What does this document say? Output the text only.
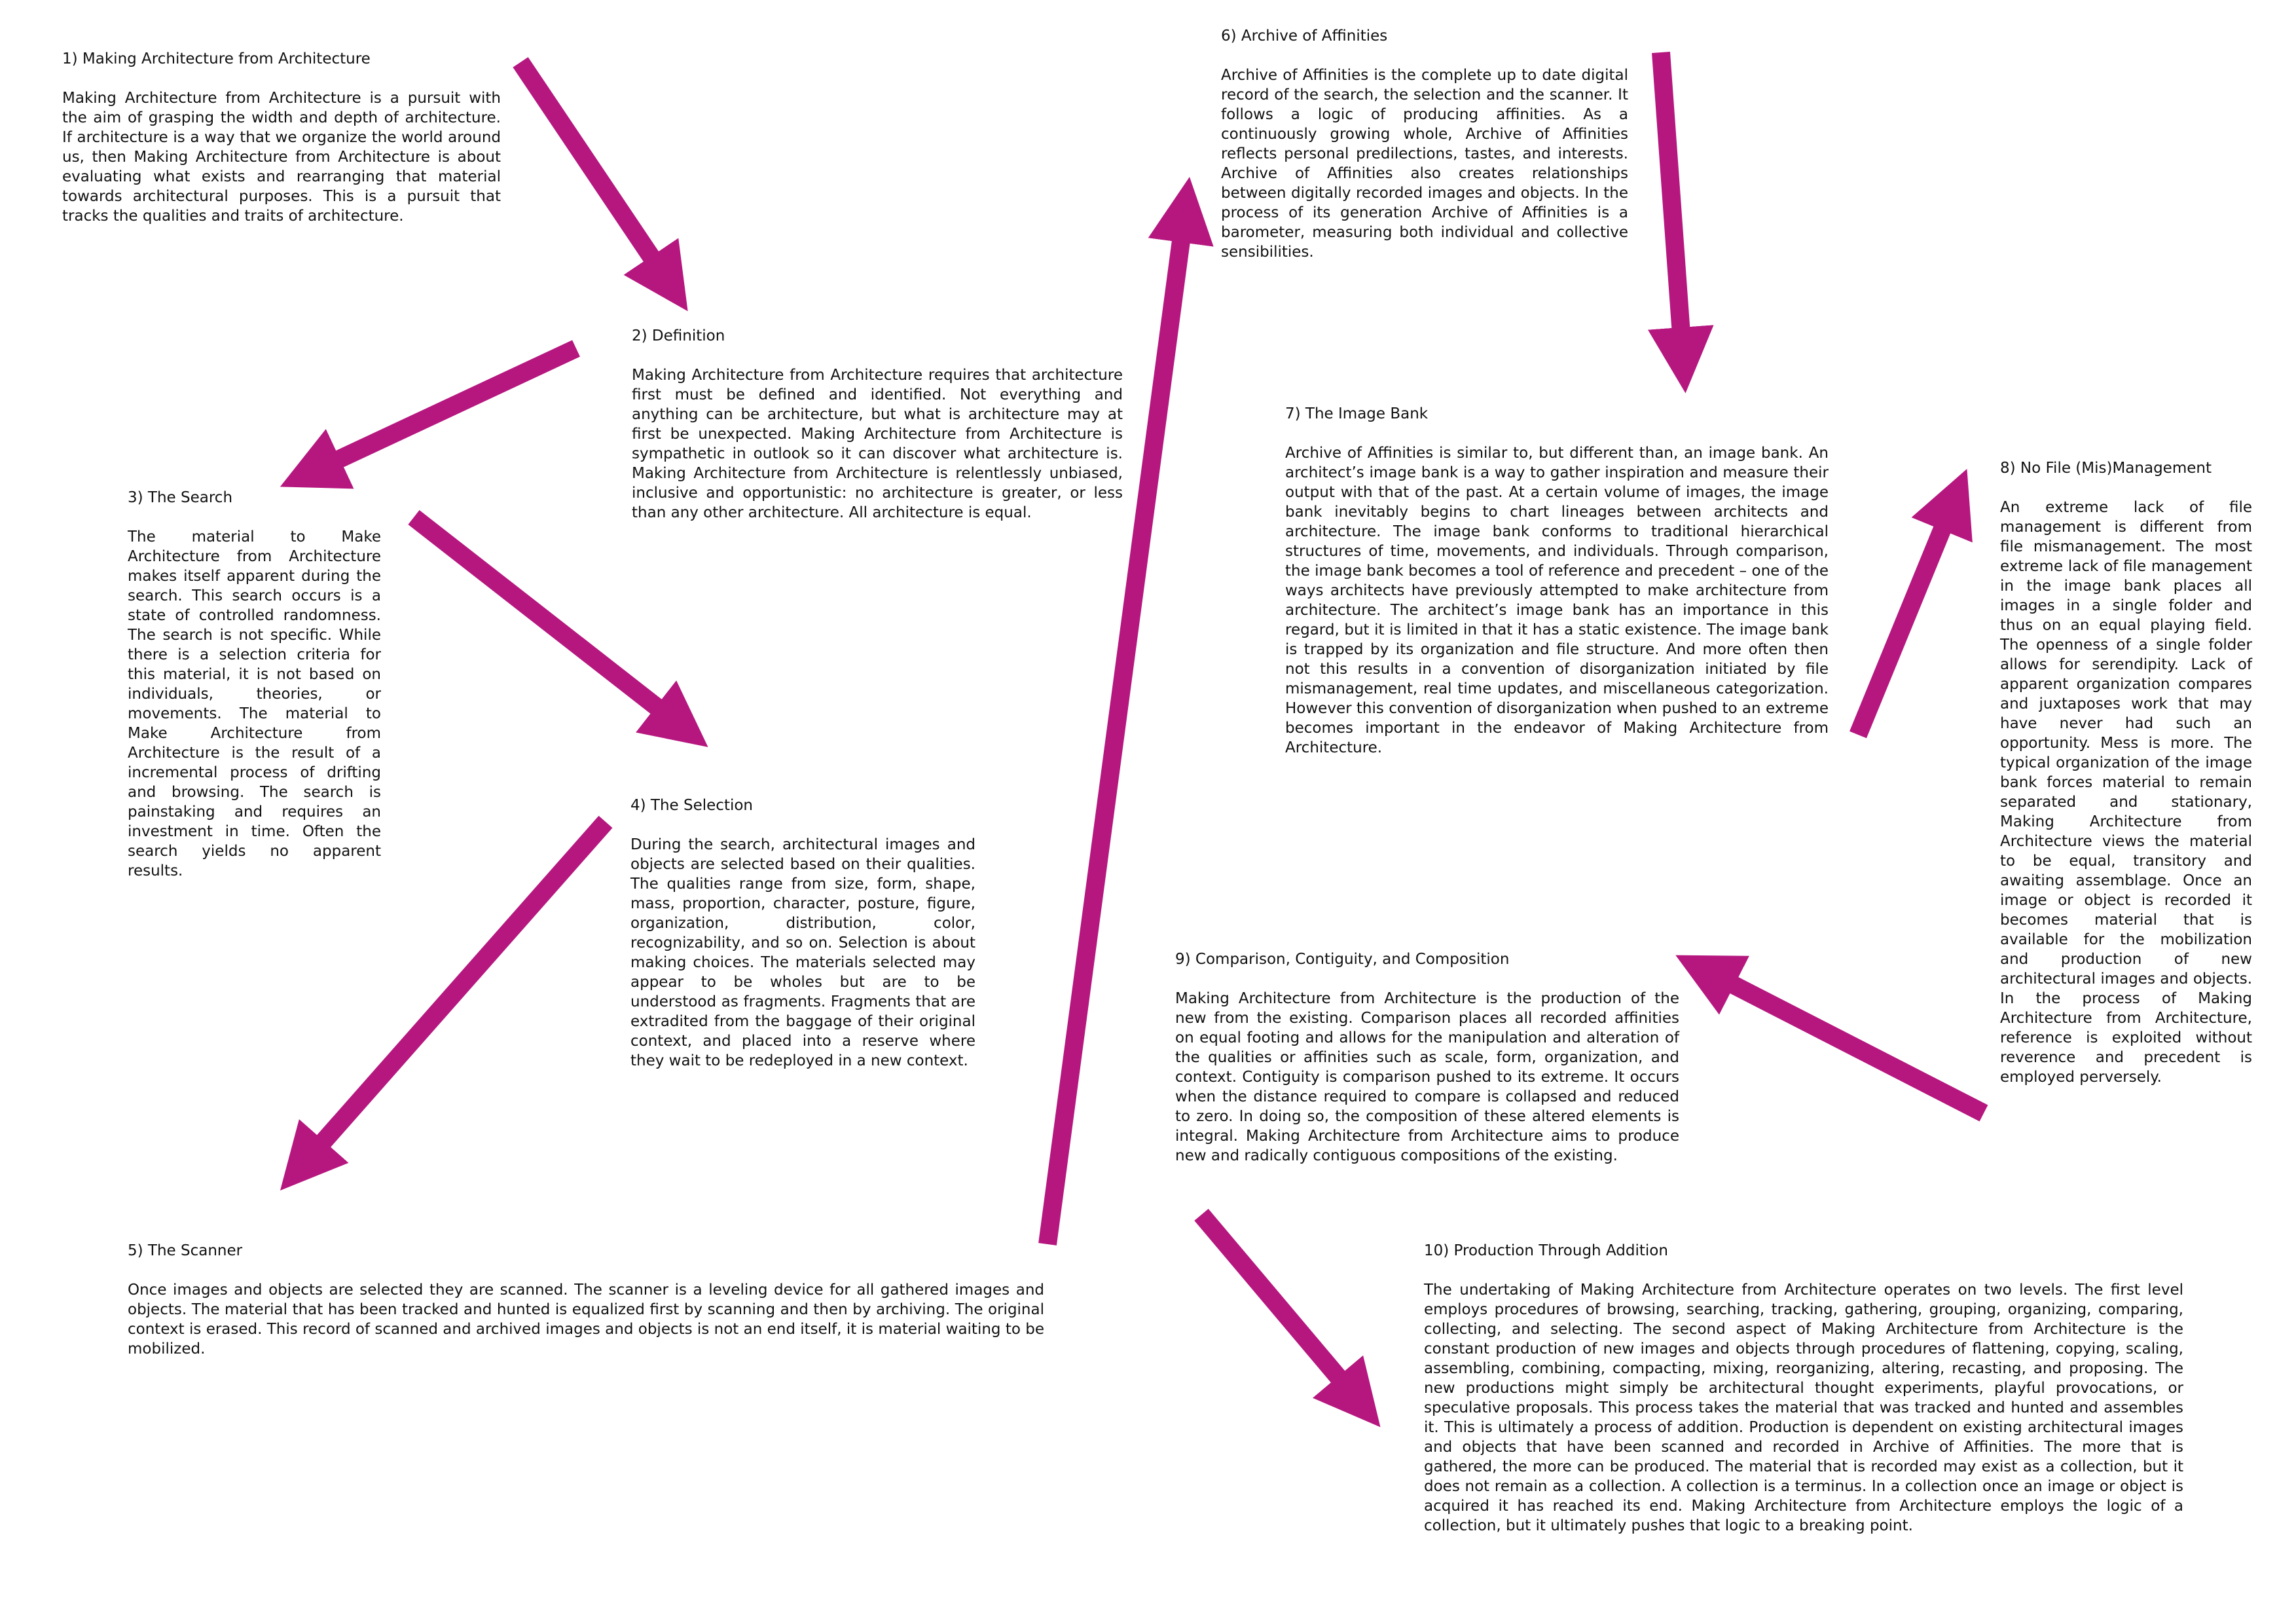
1) Making Architecture from Architecture

Making Architecture from Architecture is a pursuit with the aim of grasping the width and depth of architecture. If architecture is a way that we organize the world around us, then Making Architecture from Architecture is about evaluating what exists and rearranging that material towards architectural purposes. This is a pursuit that tracks the qualities and traits of architecture.

2) Definition

Making Architecture from Architecture requires that architecture first must be defined and identified. Not everything and anything can be architecture, but what is architecture may at first be unexpected. Making Architecture from Architecture is sympathetic in outlook so it can discover what architecture is. Making Architecture from Architecture is relentlessly unbiased, inclusive and opportunistic: no architecture is greater, or less than any other architecture. All architecture is equal.

3) The Search

The material to Make Architecture from Architecture makes itself apparent during the search. This search occurs is a state of controlled randomness. The search is not specific. While there is a selection criteria for this material, it is not based on individuals, theories, or movements. The material to Make Architecture from Architecture is the result of a incremental process of drifting and browsing. The search is painstaking and requires an investment in time. Often the search yields no apparent results.

4) The Selection

During the search, architectural images and objects are selected based on their qualities. The qualities range from size, form, shape, mass, proportion, character, posture, figure, organization, distribution, color, recognizability, and so on. Selection is about making choices. The materials selected may appear to be wholes but are to be understood as fragments. Fragments that are extradited from the baggage of their original context, and placed into a reserve where they wait to be redeployed in a new context.

5) The Scanner

Once images and objects are selected they are scanned. The scanner is a leveling device for all gathered images and objects. The material that has been tracked and hunted is equalized first by scanning and then by archiving. The original context is erased. This record of scanned and archived images and objects is not an end itself, it is material waiting to be mobilized.

6) Archive of Affinities

Archive of Affinities is the complete up to date digital record of the search, the selection and the scanner. It follows a logic of producing affinities. As a continuously growing whole, Archive of Affinities reflects personal predilections, tastes, and interests. Archive of Affinities also creates relationships between digitally recorded images and objects. In the process of its generation Archive of Affinities is a barometer, measuring both individual and collective sensibilities.

7) The Image Bank

Archive of Affinities is similar to, but different than, an image bank. An architect’s image bank is a way to gather inspiration and measure their output with that of the past. At a certain volume of images, the image bank inevitably begins to chart lineages between architects and architecture. The image bank conforms to traditional hierarchical structures of time, movements, and individuals. Through comparison, the image bank becomes a tool of reference and precedent – one of the ways architects have previously attempted to make architecture from architecture. The architect’s image bank has an importance in this regard, but it is limited in that it has a static existence. The image bank is trapped by its organization and file structure. And more often then not this results in a convention of disorganization initiated by file mismanagement, real time updates, and miscellaneous categorization. However this convention of disorganization when pushed to an extreme becomes important in the endeavor of Making Architecture from Architecture.

8) No File (Mis)Management

An extreme lack of file management is different from file mismanagement. The most extreme lack of file management in the image bank places all images in a single folder and thus on an equal playing field. The openness of a single folder allows for serendipity. Lack of apparent organization compares and juxtaposes work that may have never had such an opportunity. Mess is more. The typical organization of the image bank forces material to remain separated and stationary, Making Architecture from Architecture views the material to be equal, transitory and awaiting assemblage. Once an image or object is recorded it becomes material that is available for the mobilization and production of new architectural images and objects. In the process of Making Architecture from Architecture, reference is exploited without reverence and precedent is employed perversely.

9) Comparison, Contiguity, and Composition

Making Architecture from Architecture is the production of the new from the existing. Comparison places all recorded affinities on equal footing and allows for the manipulation and alteration of the qualities or affinities such as scale, form, organization, and context. Contiguity is comparison pushed to its extreme. It occurs when the distance required to compare is collapsed and reduced to zero. In doing so, the composition of these altered elements is integral. Making Architecture from Architecture aims to produce new and radically contiguous compositions of the existing.

10) Production Through Addition

The undertaking of Making Architecture from Architecture operates on two levels. The first level employs procedures of browsing, searching, tracking, gathering, grouping, organizing, comparing, collecting, and selecting. The second aspect of Making Architecture from Architecture is the constant production of new images and objects through procedures of flattening, copying, scaling, assembling, combining, compacting, mixing, reorganizing, altering, recasting, and proposing. The new productions might simply be architectural thought experiments, playful provocations, or speculative proposals. This process takes the material that was tracked and hunted and assembles it. This is ultimately a process of addition. Production is dependent on existing architectural images and objects that have been scanned and recorded in Archive of Affinities. The more that is gathered, the more can be produced. The material that is recorded may exist as a collection, but it does not remain as a collection. A collection is a terminus. In a collection once an image or object is acquired it has reached its end. Making Architecture from Architecture employs the logic of a collection, but it ultimately pushes that logic to a breaking point.
